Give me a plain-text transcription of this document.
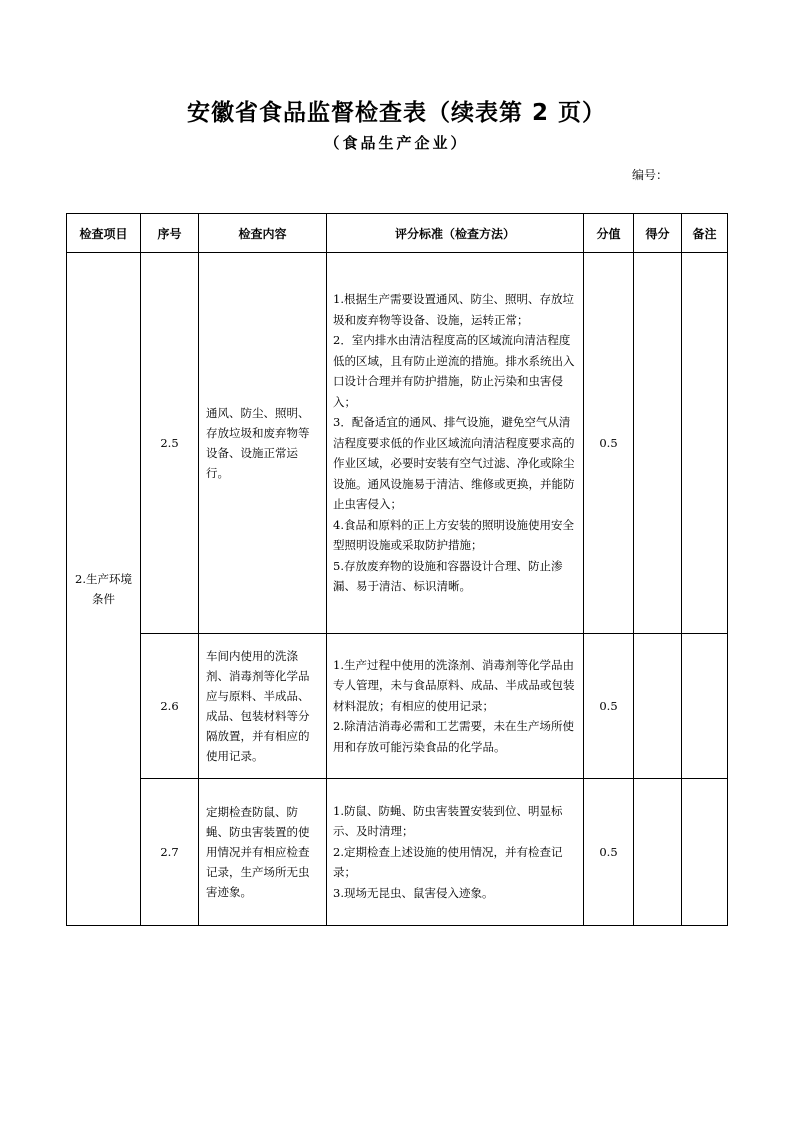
安徽省食品监督检查表（续表第 2 页）
（食品生产企业）
编号：
检查项目	序号	检查内容	评分标准（检查方法）	分值	得分	备注
2.生产环境条件	2.5	通风、防尘、照明、存放垃圾和废弃物等设备、设施正常运行。	1.根据生产需要设置通风、防尘、照明、存放垃圾和废弃物等设备、设施，运转正常；
2．室内排水由清洁程度高的区域流向清洁程度低的区域，且有防止逆流的措施。排水系统出入口设计合理并有防护措施，防止污染和虫害侵入；
3．配备适宜的通风、排气设施，避免空气从清洁程度要求低的作业区域流向清洁程度要求高的作业区域，必要时安装有空气过滤、净化或除尘设施。通风设施易于清洁、维修或更换，并能防止虫害侵入；
4.食品和原料的正上方安装的照明设施使用安全型照明设施或采取防护措施；
5.存放废弃物的设施和容器设计合理、防止渗漏、易于清洁、标识清晰。	0.5		
	2.6	车间内使用的洗涤剂、消毒剂等化学品应与原料、半成品、成品、包装材料等分隔放置，并有相应的使用记录。	1.生产过程中使用的洗涤剂、消毒剂等化学品由专人管理，未与食品原料、成品、半成品或包装材料混放；有相应的使用记录；
2.除清洁消毒必需和工艺需要，未在生产场所使用和存放可能污染食品的化学品。	0.5		
	2.7	定期检查防鼠、防蝇、防虫害装置的使用情况并有相应检查记录，生产场所无虫害迹象。	1.防鼠、防蝇、防虫害装置安装到位、明显标示、及时清理；
2.定期检查上述设施的使用情况，并有检查记录；
3.现场无昆虫、鼠害侵入迹象。	0.5		
